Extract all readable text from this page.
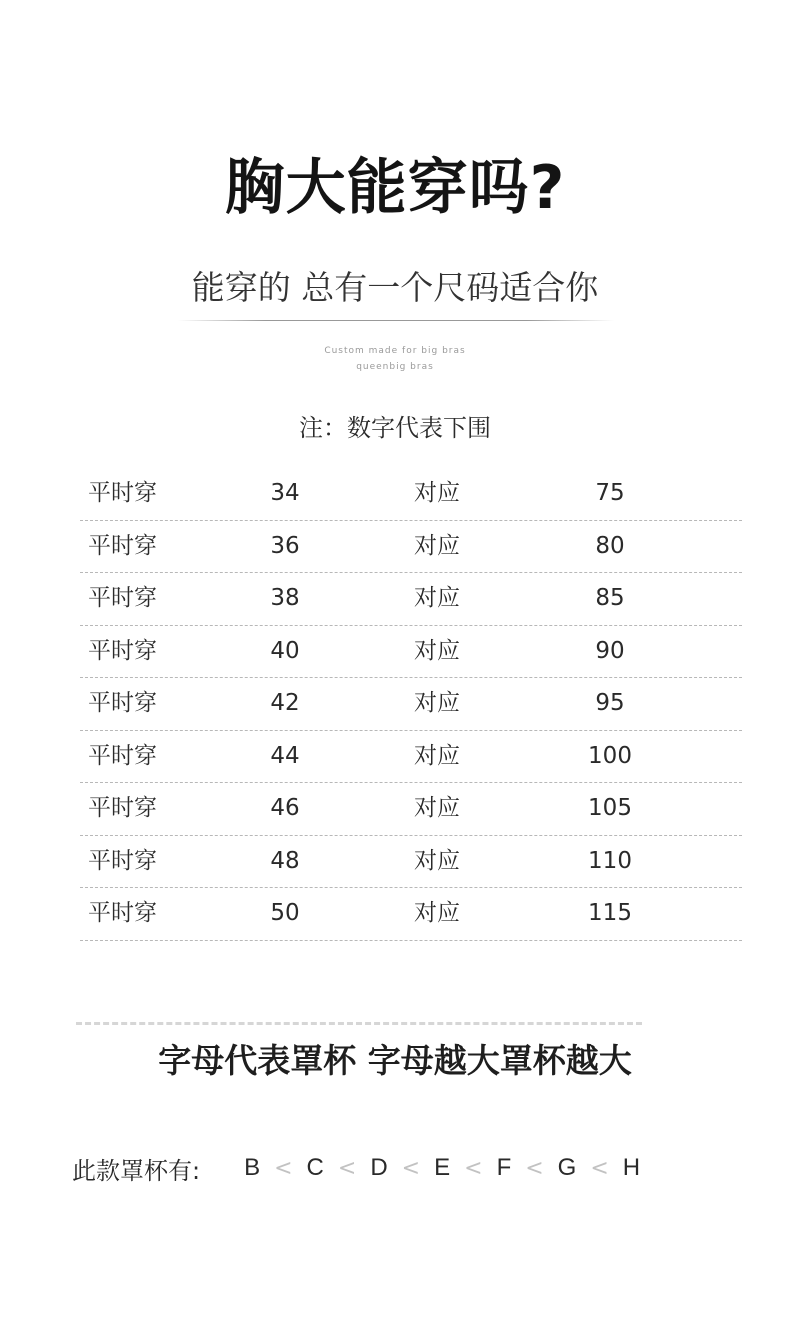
胸大能穿吗?
能穿的 总有一个尺码适合你
Custom made for big bras
queenbig bras
注：数字代表下围
平时穿	34	对应	75
平时穿	36	对应	80
平时穿	38	对应	85
平时穿	40	对应	90
平时穿	42	对应	95
平时穿	44	对应	100
平时穿	46	对应	105
平时穿	48	对应	110
平时穿	50	对应	115
字母代表罩杯 字母越大罩杯越大
此款罩杯有: B < C < D < E < F < G < H
